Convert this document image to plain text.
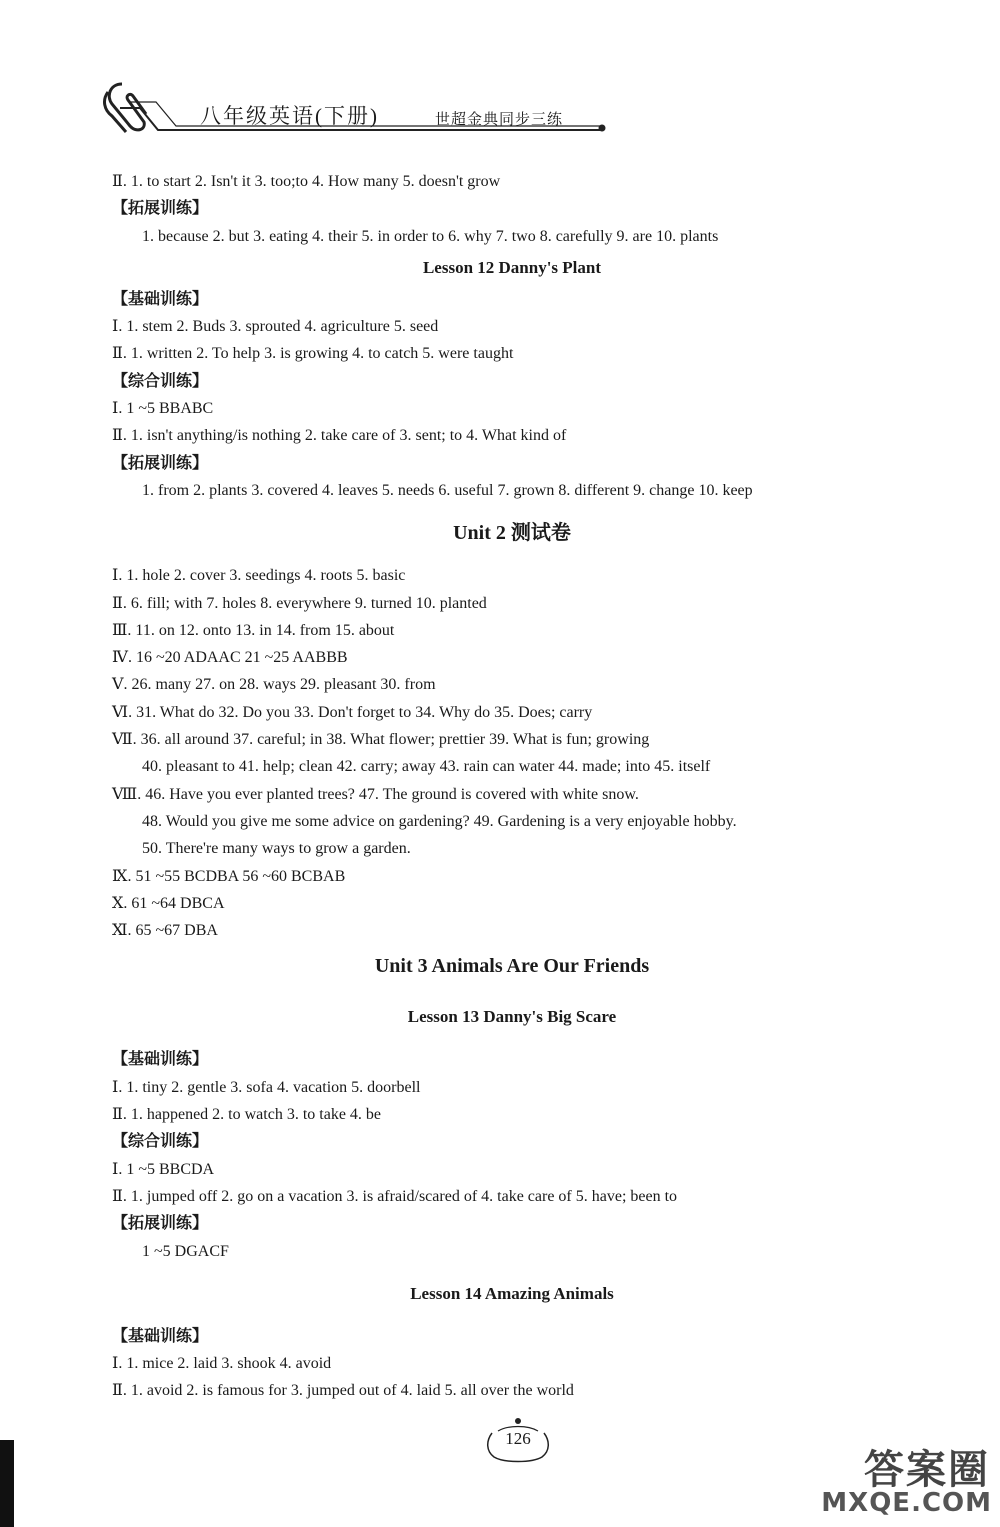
八年级英语(下册)	世超金典同步三练
Ⅱ. 1. to start 2. Isn't it 3. too;to 4. How many 5. doesn't grow
【拓展训练】
1. because 2. but 3. eating 4. their 5. in order to 6. why 7. two 8. carefully 9. are 10. plants
Lesson 12 Danny's Plant
【基础训练】
Ⅰ. 1. stem 2. Buds 3. sprouted 4. agriculture 5. seed
Ⅱ. 1. written 2. To help 3. is growing 4. to catch 5. were taught
【综合训练】
Ⅰ. 1 ~5 BBABC
Ⅱ. 1. isn't anything/is nothing 2. take care of 3. sent; to 4. What kind of
【拓展训练】
1. from 2. plants 3. covered 4. leaves 5. needs 6. useful 7. grown 8. different 9. change 10. keep
Unit 2 测试卷
Ⅰ. 1. hole 2. cover 3. seedings 4. roots 5. basic
Ⅱ. 6. fill; with 7. holes 8. everywhere 9. turned 10. planted
Ⅲ. 11. on 12. onto 13. in 14. from 15. about
Ⅳ. 16 ~20 ADAAC 21 ~25 AABBB
Ⅴ. 26. many 27. on 28. ways 29. pleasant 30. from
Ⅵ. 31. What do 32. Do you 33. Don't forget to 34. Why do 35. Does; carry
Ⅶ. 36. all around 37. careful; in 38. What flower; prettier 39. What is fun; growing
40. pleasant to 41. help; clean 42. carry; away 43. rain can water 44. made; into 45. itself
Ⅷ. 46. Have you ever planted trees? 47. The ground is covered with white snow.
48. Would you give me some advice on gardening? 49. Gardening is a very enjoyable hobby.
50. There're many ways to grow a garden.
Ⅸ. 51 ~55 BCDBA 56 ~60 BCBAB
Ⅹ. 61 ~64 DBCA
Ⅺ. 65 ~67 DBA
Unit 3 Animals Are Our Friends
Lesson 13 Danny's Big Scare
【基础训练】
Ⅰ. 1. tiny 2. gentle 3. sofa 4. vacation 5. doorbell
Ⅱ. 1. happened 2. to watch 3. to take 4. be
【综合训练】
Ⅰ. 1 ~5 BBCDA
Ⅱ. 1. jumped off 2. go on a vacation 3. is afraid/scared of 4. take care of 5. have; been to
【拓展训练】
1 ~5 DGACF
Lesson 14 Amazing Animals
【基础训练】
Ⅰ. 1. mice 2. laid 3. shook 4. avoid
Ⅱ. 1. avoid 2. is famous for 3. jumped out of 4. laid 5. all over the world
126
答案圈
MXQE.COM
